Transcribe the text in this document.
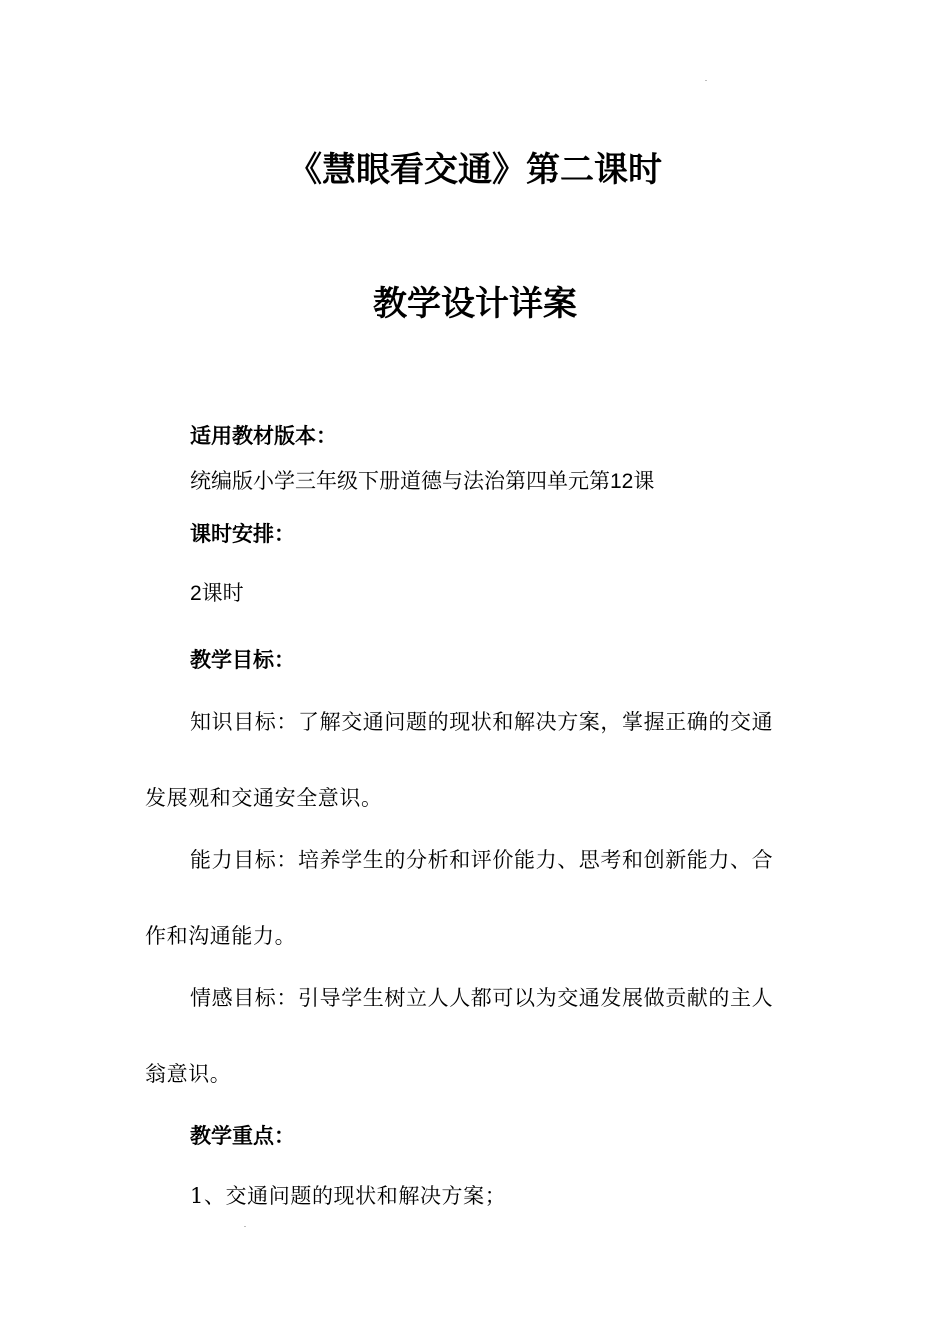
《慧眼看交通》第二课时
教学设计详案
适用教材版本：
统编版小学三年级下册道德与法治第四单元第12课
课时安排：
2课时
教学目标：
知识目标：了解交通问题的现状和解决方案，掌握正确的交通
发展观和交通安全意识。
能力目标：培养学生的分析和评价能力、思考和创新能力、合
作和沟通能力。
情感目标：引导学生树立人人都可以为交通发展做贡献的主人
翁意识。
教学重点：
1、交通问题的现状和解决方案；
